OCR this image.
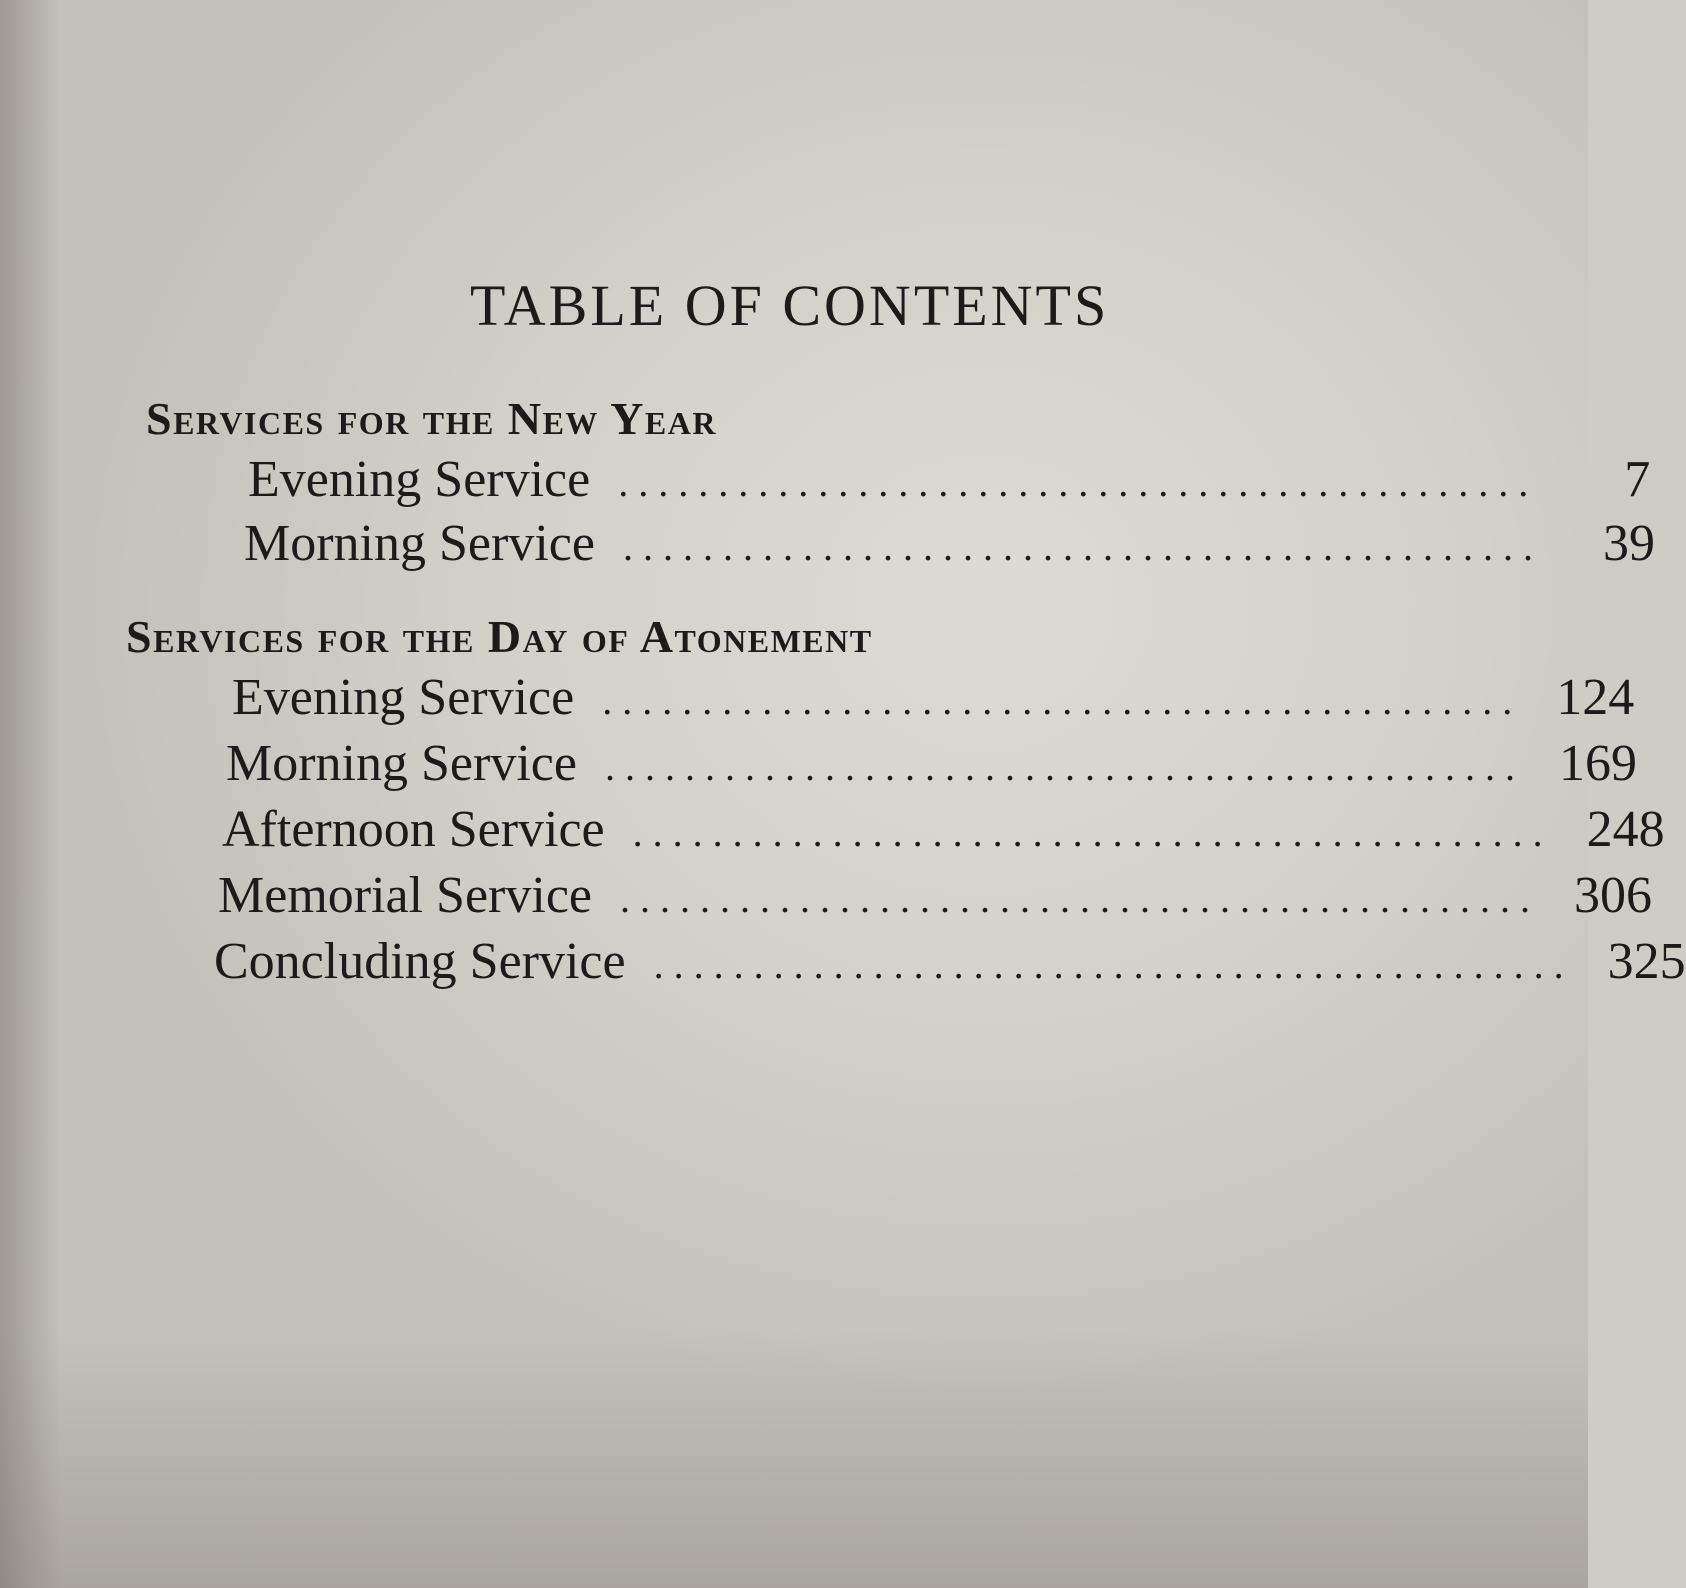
TABLE OF CONTENTS
Services for the New Year
Evening Service ..............................................	7
Morning Service ..............................................	39
Services for the Day of Atonement
Evening Service .............................................. 124
Morning Service .............................................. 169
Afternoon Service .............................................. 248
Memorial Service .............................................. 306
Concluding Service .............................................. 325
